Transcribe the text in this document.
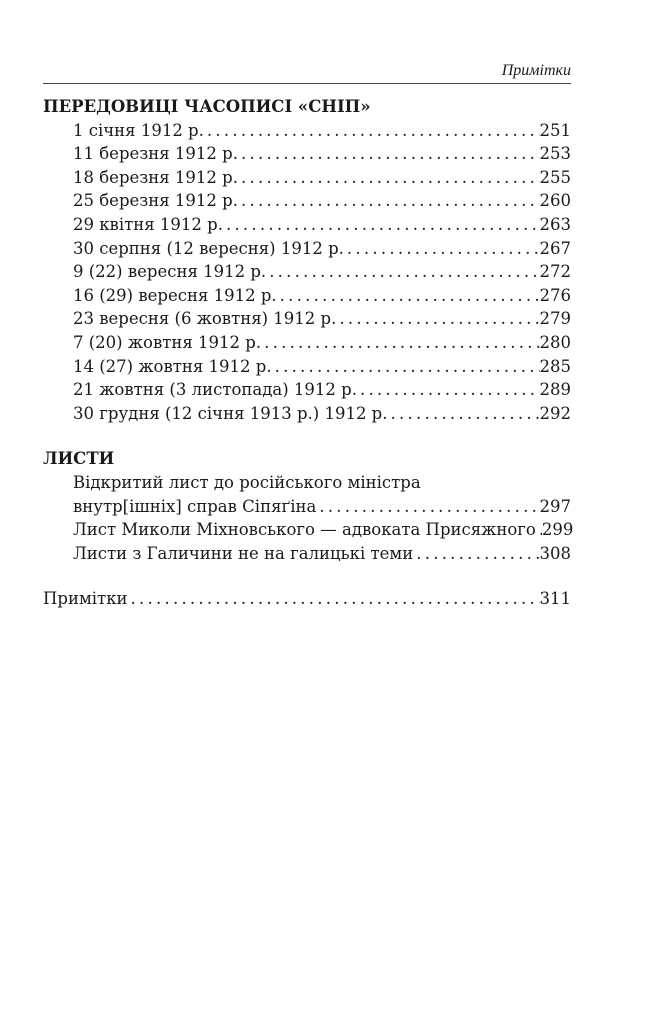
Примітки
ПЕРЕДОВИЦІ ЧАСОПИСІ «СНІП»
1 січня 1912 р. . . .	251
11 березня 1912 р. . . .	253
18 березня 1912 р. . . .	255
25 березня 1912 р. . . .	260
29 квітня 1912 р. . . .	263
30 серпня (12 вересня) 1912 р. . . .	267
9 (22) вересня 1912 р. . . .	272
16 (29) вересня 1912 р. . . .	276
23 вересня (6 жовтня) 1912 р. . . .	279
7 (20) жовтня 1912 р. . . .	280
14 (27) жовтня 1912 р. . . .	285
21 жовтня (3 листопада) 1912 р. . . .	289
30 грудня (12 січня 1913 р.) 1912 р. . . .	292
ЛИСТИ
Відкритий лист до російського міністра
внутр[ішніх] справ Сіпяґіна . . .	297
Лист Миколи Міхновського — адвоката Присяжного . . . 299
Листи з Галичини не на галицькі теми . . .	308
Примітки . . .	311
